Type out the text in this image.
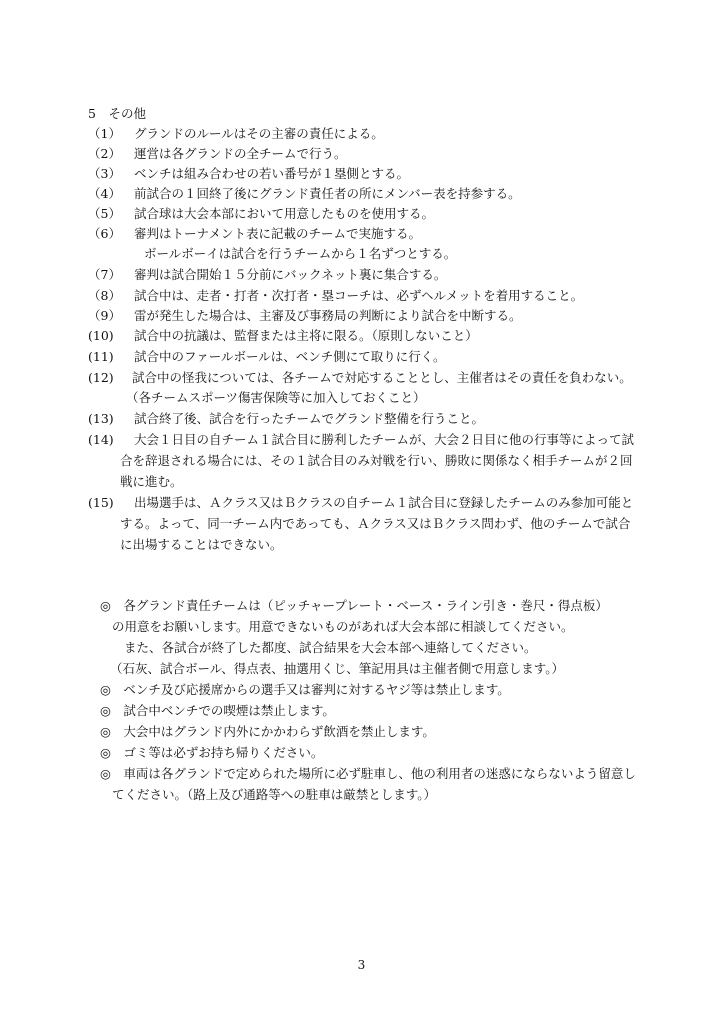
5　その他
（1） グランドのルールはその主審の責任による。
（2） 運営は各グランドの全チームで行う。
（3） ベンチは組み合わせの若い番号が１塁側とする。
（4） 前試合の１回終了後にグランド責任者の所にメンバー表を持参する。
（5） 試合球は大会本部において用意したものを使用する。
（6） 審判はトーナメント表に記載のチームで実施する。
ボールボーイは試合を行うチームから１名ずつとする。
（7） 審判は試合開始１５分前にバックネット裏に集合する。
（8） 試合中は、走者・打者・次打者・塁コーチは、必ずヘルメットを着用すること。
（9） 雷が発生した場合は、主審及び事務局の判断により試合を中断する。
(10) 試合中の抗議は、監督または主将に限る。（原則しないこと）
(11) 試合中のファールボールは、ベンチ側にて取りに行く。
(12) 試合中の怪我については、各チームで対応することとし、主催者はその責任を負わない。
（各チームスポーツ傷害保険等に加入しておくこと）
(13) 試合終了後、試合を行ったチームでグランド整備を行うこと。
(14) 大会１日目の自チーム１試合目に勝利したチームが、大会２日目に他の行事等によって試
合を辞退される場合には、その１試合目のみ対戦を行い、勝敗に関係なく相手チームが２回
戦に進む。
(15) 出場選手は、Ａクラス又はＢクラスの自チーム１試合目に登録したチームのみ参加可能と
する。よって、同一チーム内であっても、Ａクラス又はＢクラス問わず、他のチームで試合
に出場することはできない。
◎　各グランド責任チームは（ピッチャープレート・ベース・ライン引き・巻尺・得点板）
の用意をお願いします。用意できないものがあれば大会本部に相談してください。
また、各試合が終了した都度、試合結果を大会本部へ連絡してください。
（石灰、試合ボール、得点表、抽選用くじ、筆記用具は主催者側で用意します。）
◎　ベンチ及び応援席からの選手又は審判に対するヤジ等は禁止します。
◎　試合中ベンチでの喫煙は禁止します。
◎　大会中はグランド内外にかかわらず飲酒を禁止します。
◎　ゴミ等は必ずお持ち帰りください。
◎　車両は各グランドで定められた場所に必ず駐車し、他の利用者の迷惑にならないよう留意し
てください。（路上及び通路等への駐車は厳禁とします。）
3
